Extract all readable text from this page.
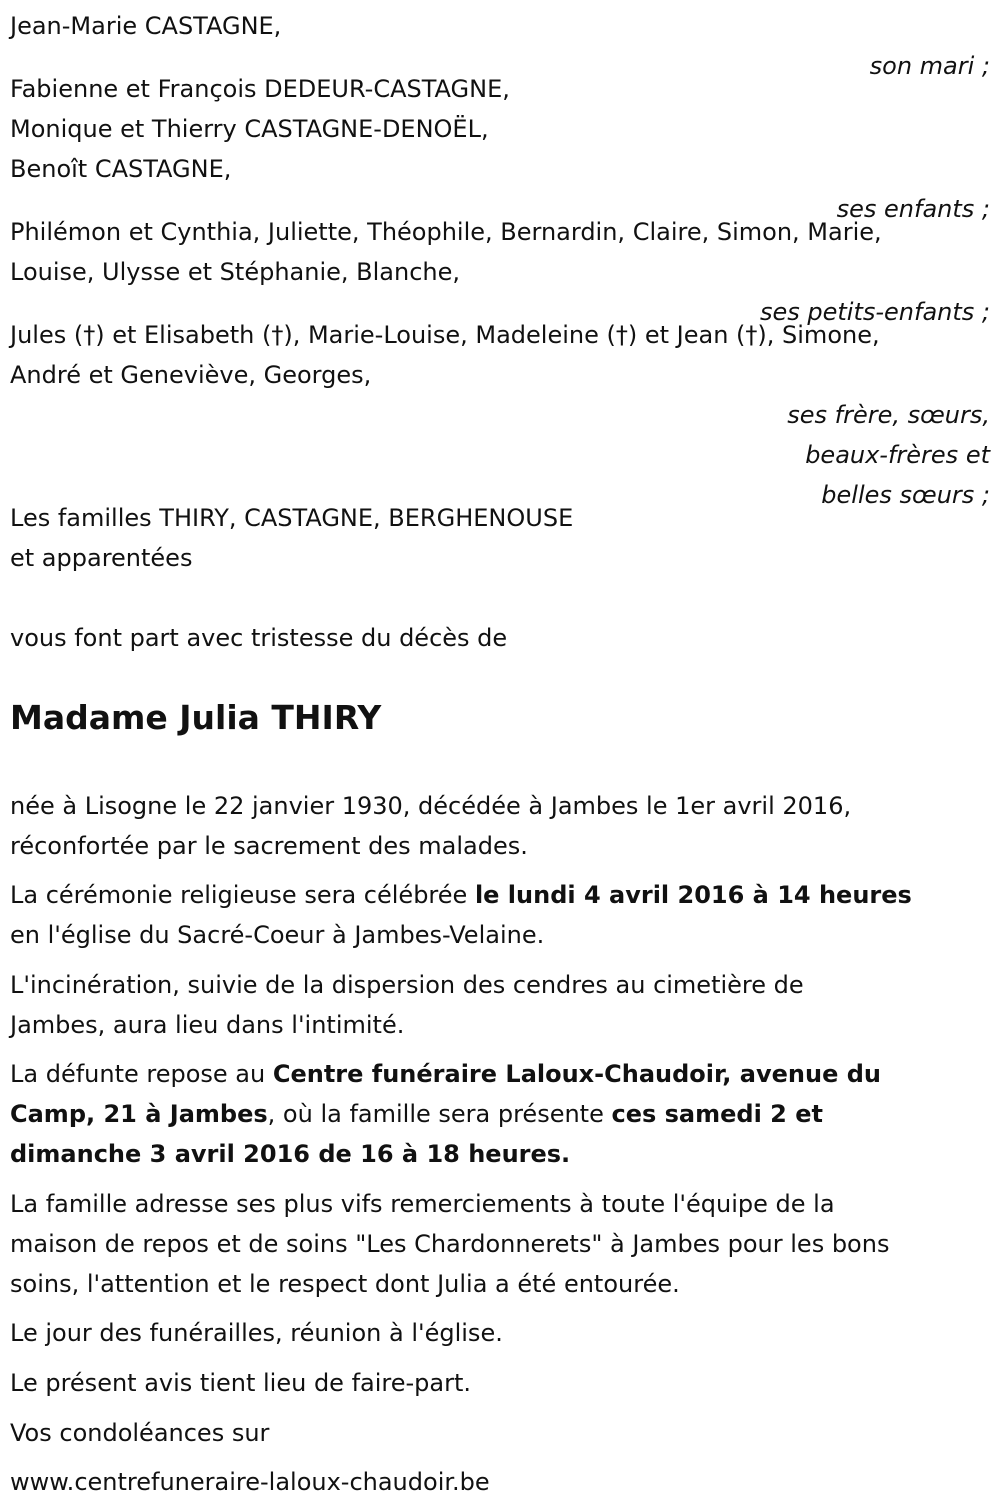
Jean-Marie CASTAGNE,
son mari ;
Fabienne et François DEDEUR-CASTAGNE,
Monique et Thierry CASTAGNE-DENOËL,
Benoît CASTAGNE,
ses enfants ;
Philémon et Cynthia, Juliette, Théophile, Bernardin, Claire, Simon, Marie,
Louise, Ulysse et Stéphanie, Blanche,
ses petits-enfants ;
Jules (†) et Elisabeth (†), Marie-Louise, Madeleine (†) et Jean (†), Simone,
André et Geneviève, Georges,
ses frère, sœurs,
beaux-frères et
belles sœurs ;
Les familles THIRY, CASTAGNE, BERGHENOUSE
et apparentées
vous font part avec tristesse du décès de
Madame Julia THIRY
née à Lisogne le 22 janvier 1930, décédée à Jambes le 1er avril 2016,
réconfortée par le sacrement des malades.
La cérémonie religieuse sera célébrée le lundi 4 avril 2016 à 14 heures
en l'église du Sacré-Coeur à Jambes-Velaine.
L'incinération, suivie de la dispersion des cendres au cimetière de
Jambes, aura lieu dans l'intimité.
La défunte repose au Centre funéraire Laloux-Chaudoir, avenue du
Camp, 21 à Jambes, où la famille sera présente ces samedi 2 et
dimanche 3 avril 2016 de 16 à 18 heures.
La famille adresse ses plus vifs remerciements à toute l'équipe de la
maison de repos et de soins "Les Chardonnerets" à Jambes pour les bons
soins, l'attention et le respect dont Julia a été entourée.
Le jour des funérailles, réunion à l'église.
Le présent avis tient lieu de faire-part.
Vos condoléances sur
www.centrefuneraire-laloux-chaudoir.be
